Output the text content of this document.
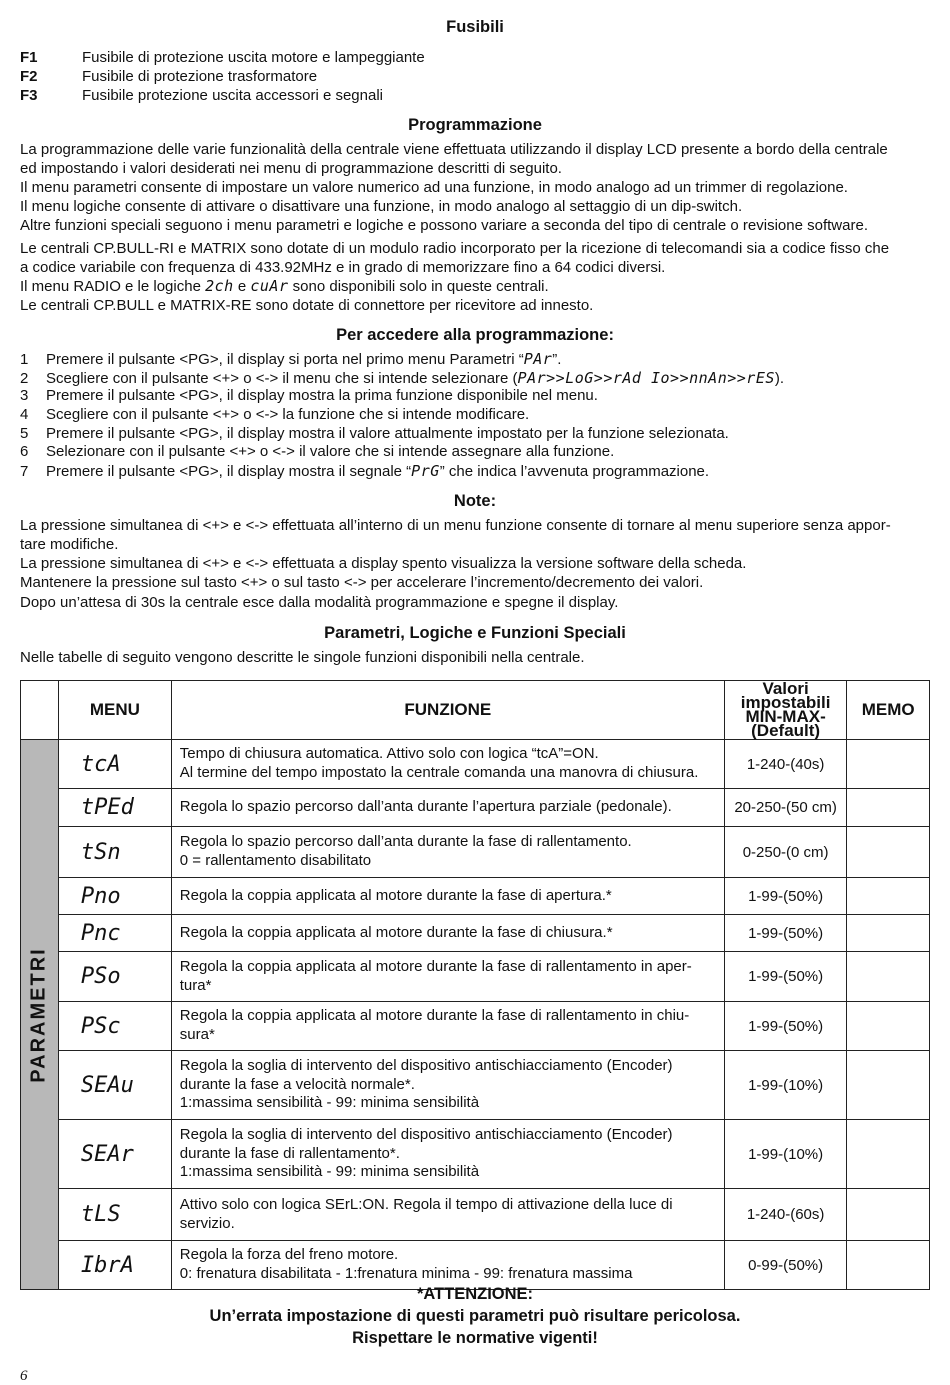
Fusibili
F1	Fusibile di protezione uscita motore e lampeggiante
F2	Fusibile di protezione trasformatore
F3	Fusibile protezione uscita accessori e segnali
Programmazione
La programmazione delle varie funzionalità della centrale viene effettuata utilizzando il display LCD presente a bordo della centrale
ed impostando i valori desiderati nei menu di programmazione descritti di seguito.
Il menu parametri consente di impostare un valore numerico ad una funzione, in modo analogo ad un trimmer di regolazione.
Il menu logiche consente di attivare o disattivare una funzione, in modo analogo al settaggio di un dip-switch.
Altre funzioni speciali seguono i menu parametri e logiche e possono variare a seconda del tipo di centrale o revisione software.
Le centrali CP.BULL-RI e MATRIX sono dotate di un modulo radio incorporato per la ricezione di telecomandi sia a codice fisso che
a codice variabile con frequenza di 433.92MHz e in grado di memorizzare fino a 64 codici diversi.
Il menu RADIO e le logiche 2ch e cuAr sono disponibili solo in queste centrali.
Le centrali CP.BULL e MATRIX-RE sono dotate di connettore per ricevitore ad innesto.
Per accedere alla programmazione:
1 Premere il pulsante <PG>, il display si porta nel primo menu Parametri “PAr”.
2 Scegliere con il pulsante <+> o <-> il menu che si intende selezionare (PAr>>LoG>>rAd Io>>nnAn>>rES).
3 Premere il pulsante <PG>, il display mostra la prima funzione disponibile nel menu.
4 Scegliere con il pulsante <+> o <-> la funzione che si intende modificare.
5 Premere il pulsante <PG>, il display mostra il valore attualmente impostato per la funzione selezionata.
6 Selezionare con il pulsante <+> o <-> il valore che si intende assegnare alla funzione.
7 Premere il pulsante <PG>, il display mostra il segnale “PrG” che indica l’avvenuta programmazione.
Note:
La pressione simultanea di <+> e <-> effettuata all’interno di un menu funzione consente di tornare al menu superiore senza appor-
tare modifiche.
La pressione simultanea di <+> e <-> effettuata a display spento visualizza la versione software della scheda.
Mantenere la pressione sul tasto <+> o sul tasto <-> per accelerare l’incremento/decremento dei valori.
Dopo un’attesa di 30s la centrale esce dalla modalità programmazione e spegne il display.
Parametri, Logiche e Funzioni Speciali
Nelle tabelle di seguito vengono descritte le singole funzioni disponibili nella centrale.
	MENU	FUNZIONE	Valori impostabili
MIN-MAX-(Default)	MEMO

PARAMETRI	tcA	Tempo di chiusura automatica. Attivo solo con logica “tcA”=ON.
Al termine del tempo impostato la centrale comanda una manovra di chiusura.	1-240-(40s)	
	tPEd	Regola lo spazio percorso dall’anta durante l’apertura parziale (pedonale).	20-250-(50 cm)	
	tSn	Regola lo spazio percorso dall’anta durante la fase di rallentamento.
0 = rallentamento disabilitato	0-250-(0 cm)	
	Pno	Regola la coppia applicata al motore durante la fase di apertura.*	1-99-(50%)	
	Pnc	Regola la coppia applicata al motore durante la fase di chiusura.*	1-99-(50%)	
	PSo	Regola la coppia applicata al motore durante la fase di rallentamento in aper-
tura*	1-99-(50%)	
	PSc	Regola la coppia applicata al motore durante la fase di rallentamento in chiu-
sura*	1-99-(50%)	
	SEAu	Regola la soglia di intervento del dispositivo antischiacciamento (Encoder)
durante la fase a velocità normale*.
1:massima sensibilità - 99: minima sensibilità	1-99-(10%)	
	SEAr	Regola la soglia di intervento del dispositivo antischiacciamento (Encoder)
durante la fase di rallentamento*.
1:massima sensibilità - 99: minima sensibilità	1-99-(10%)	
	tLS	Attivo solo con logica SErL:ON. Regola il tempo di attivazione della luce di
servizio.	1-240-(60s)	
	IbrA	Regola la forza del freno motore.
0: frenatura disabilitata - 1:frenatura minima - 99: frenatura massima	0-99-(50%)	
*ATTENZIONE:
Un’errata impostazione di questi parametri può risultare pericolosa.
Rispettare le normative vigenti!
6
